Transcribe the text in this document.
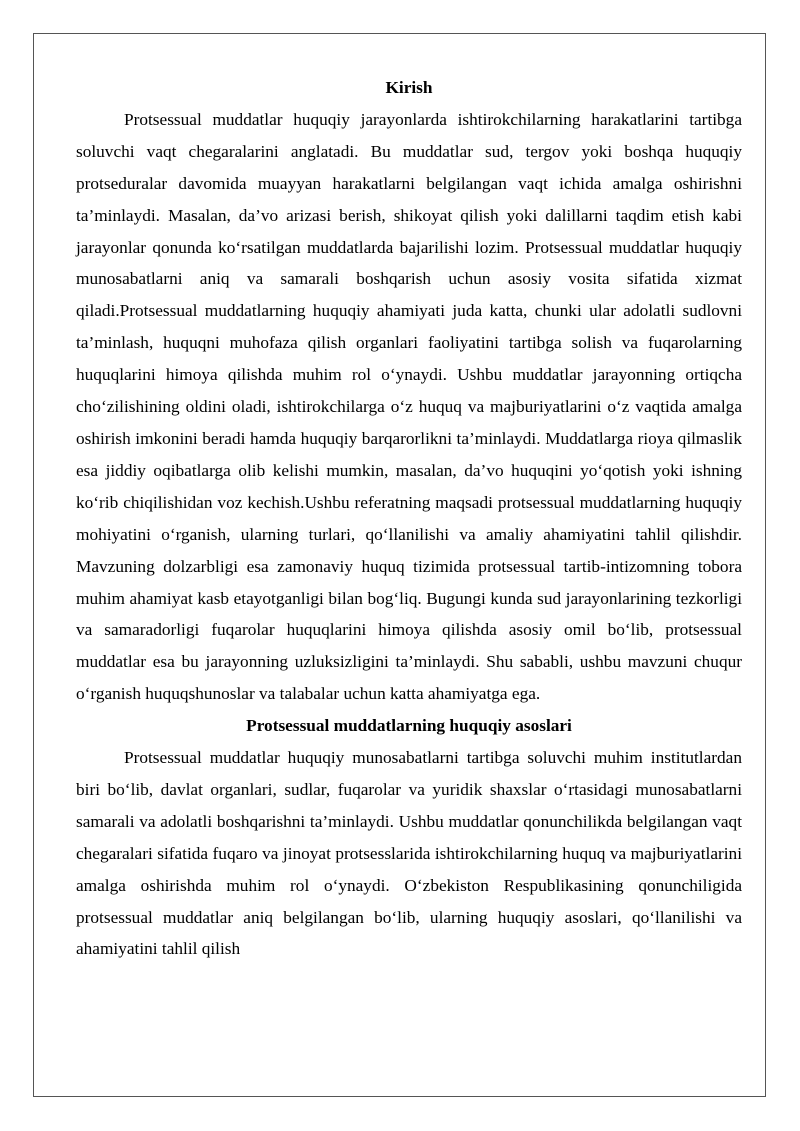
Kirish

Protsessual muddatlar huquqiy jarayonlarda ishtirokchilarning harakatlarini tartibga soluvchi vaqt chegaralarini anglatadi. Bu muddatlar sud, tergov yoki boshqa huquqiy protseduralar davomida muayyan harakatlarni belgilangan vaqt ichida amalga oshirishni ta’minlaydi. Masalan, da’vo arizasi berish, shikoyat qilish yoki dalillarni taqdim etish kabi jarayonlar qonunda ko‘rsatilgan muddatlarda bajarilishi lozim. Protsessual muddatlar huquqiy munosabatlarni aniq va samarali boshqarish uchun asosiy vosita sifatida xizmat qiladi.Protsessual muddatlarning huquqiy ahamiyati juda katta, chunki ular adolatli sudlovni ta’minlash, huquqni muhofaza qilish organlari faoliyatini tartibga solish va fuqarolarning huquqlarini himoya qilishda muhim rol o‘ynaydi. Ushbu muddatlar jarayonning ortiqcha cho‘zilishining oldini oladi, ishtirokchilarga o‘z huquq va majburiyatlarini o‘z vaqtida amalga oshirish imkonini beradi hamda huquqiy barqarorlikni ta’minlaydi. Muddatlarga rioya qilmaslik esa jiddiy oqibatlarga olib kelishi mumkin, masalan, da’vo huquqini yo‘qotish yoki ishning ko‘rib chiqilishidan voz kechish.Ushbu referatning maqsadi protsessual muddatlarning huquqiy mohiyatini o‘rganish, ularning turlari, qo‘llanilishi va amaliy ahamiyatini tahlil qilishdir. Mavzuning dolzarbligi esa zamonaviy huquq tizimida protsessual tartib-intizomning tobora muhim ahamiyat kasb etayotganligi bilan bog‘liq. Bugungi kunda sud jarayonlarining tezkorligi va samaradorligi fuqarolar huquqlarini himoya qilishda asosiy omil bo‘lib, protsessual muddatlar esa bu jarayonning uzluksizligini ta’minlaydi. Shu sababli, ushbu mavzuni chuqur o‘rganish huquqshunoslar va talabalar uchun katta ahamiyatga ega.

Protsessual muddatlarning huquqiy asoslari

Protsessual muddatlar huquqiy munosabatlarni tartibga soluvchi muhim institutlardan biri bo‘lib, davlat organlari, sudlar, fuqarolar va yuridik shaxslar o‘rtasidagi munosabatlarni samarali va adolatli boshqarishni ta’minlaydi. Ushbu muddatlar qonunchilikda belgilangan vaqt chegaralari sifatida fuqaro va jinoyat protsesslarida ishtirokchilarning huquq va majburiyatlarini amalga oshirishda muhim rol o‘ynaydi. O‘zbekiston Respublikasining qonunchiligida protsessual muddatlar aniq belgilangan bo‘lib, ularning huquqiy asoslari, qo‘llanilishi va ahamiyatini tahlil qilish
